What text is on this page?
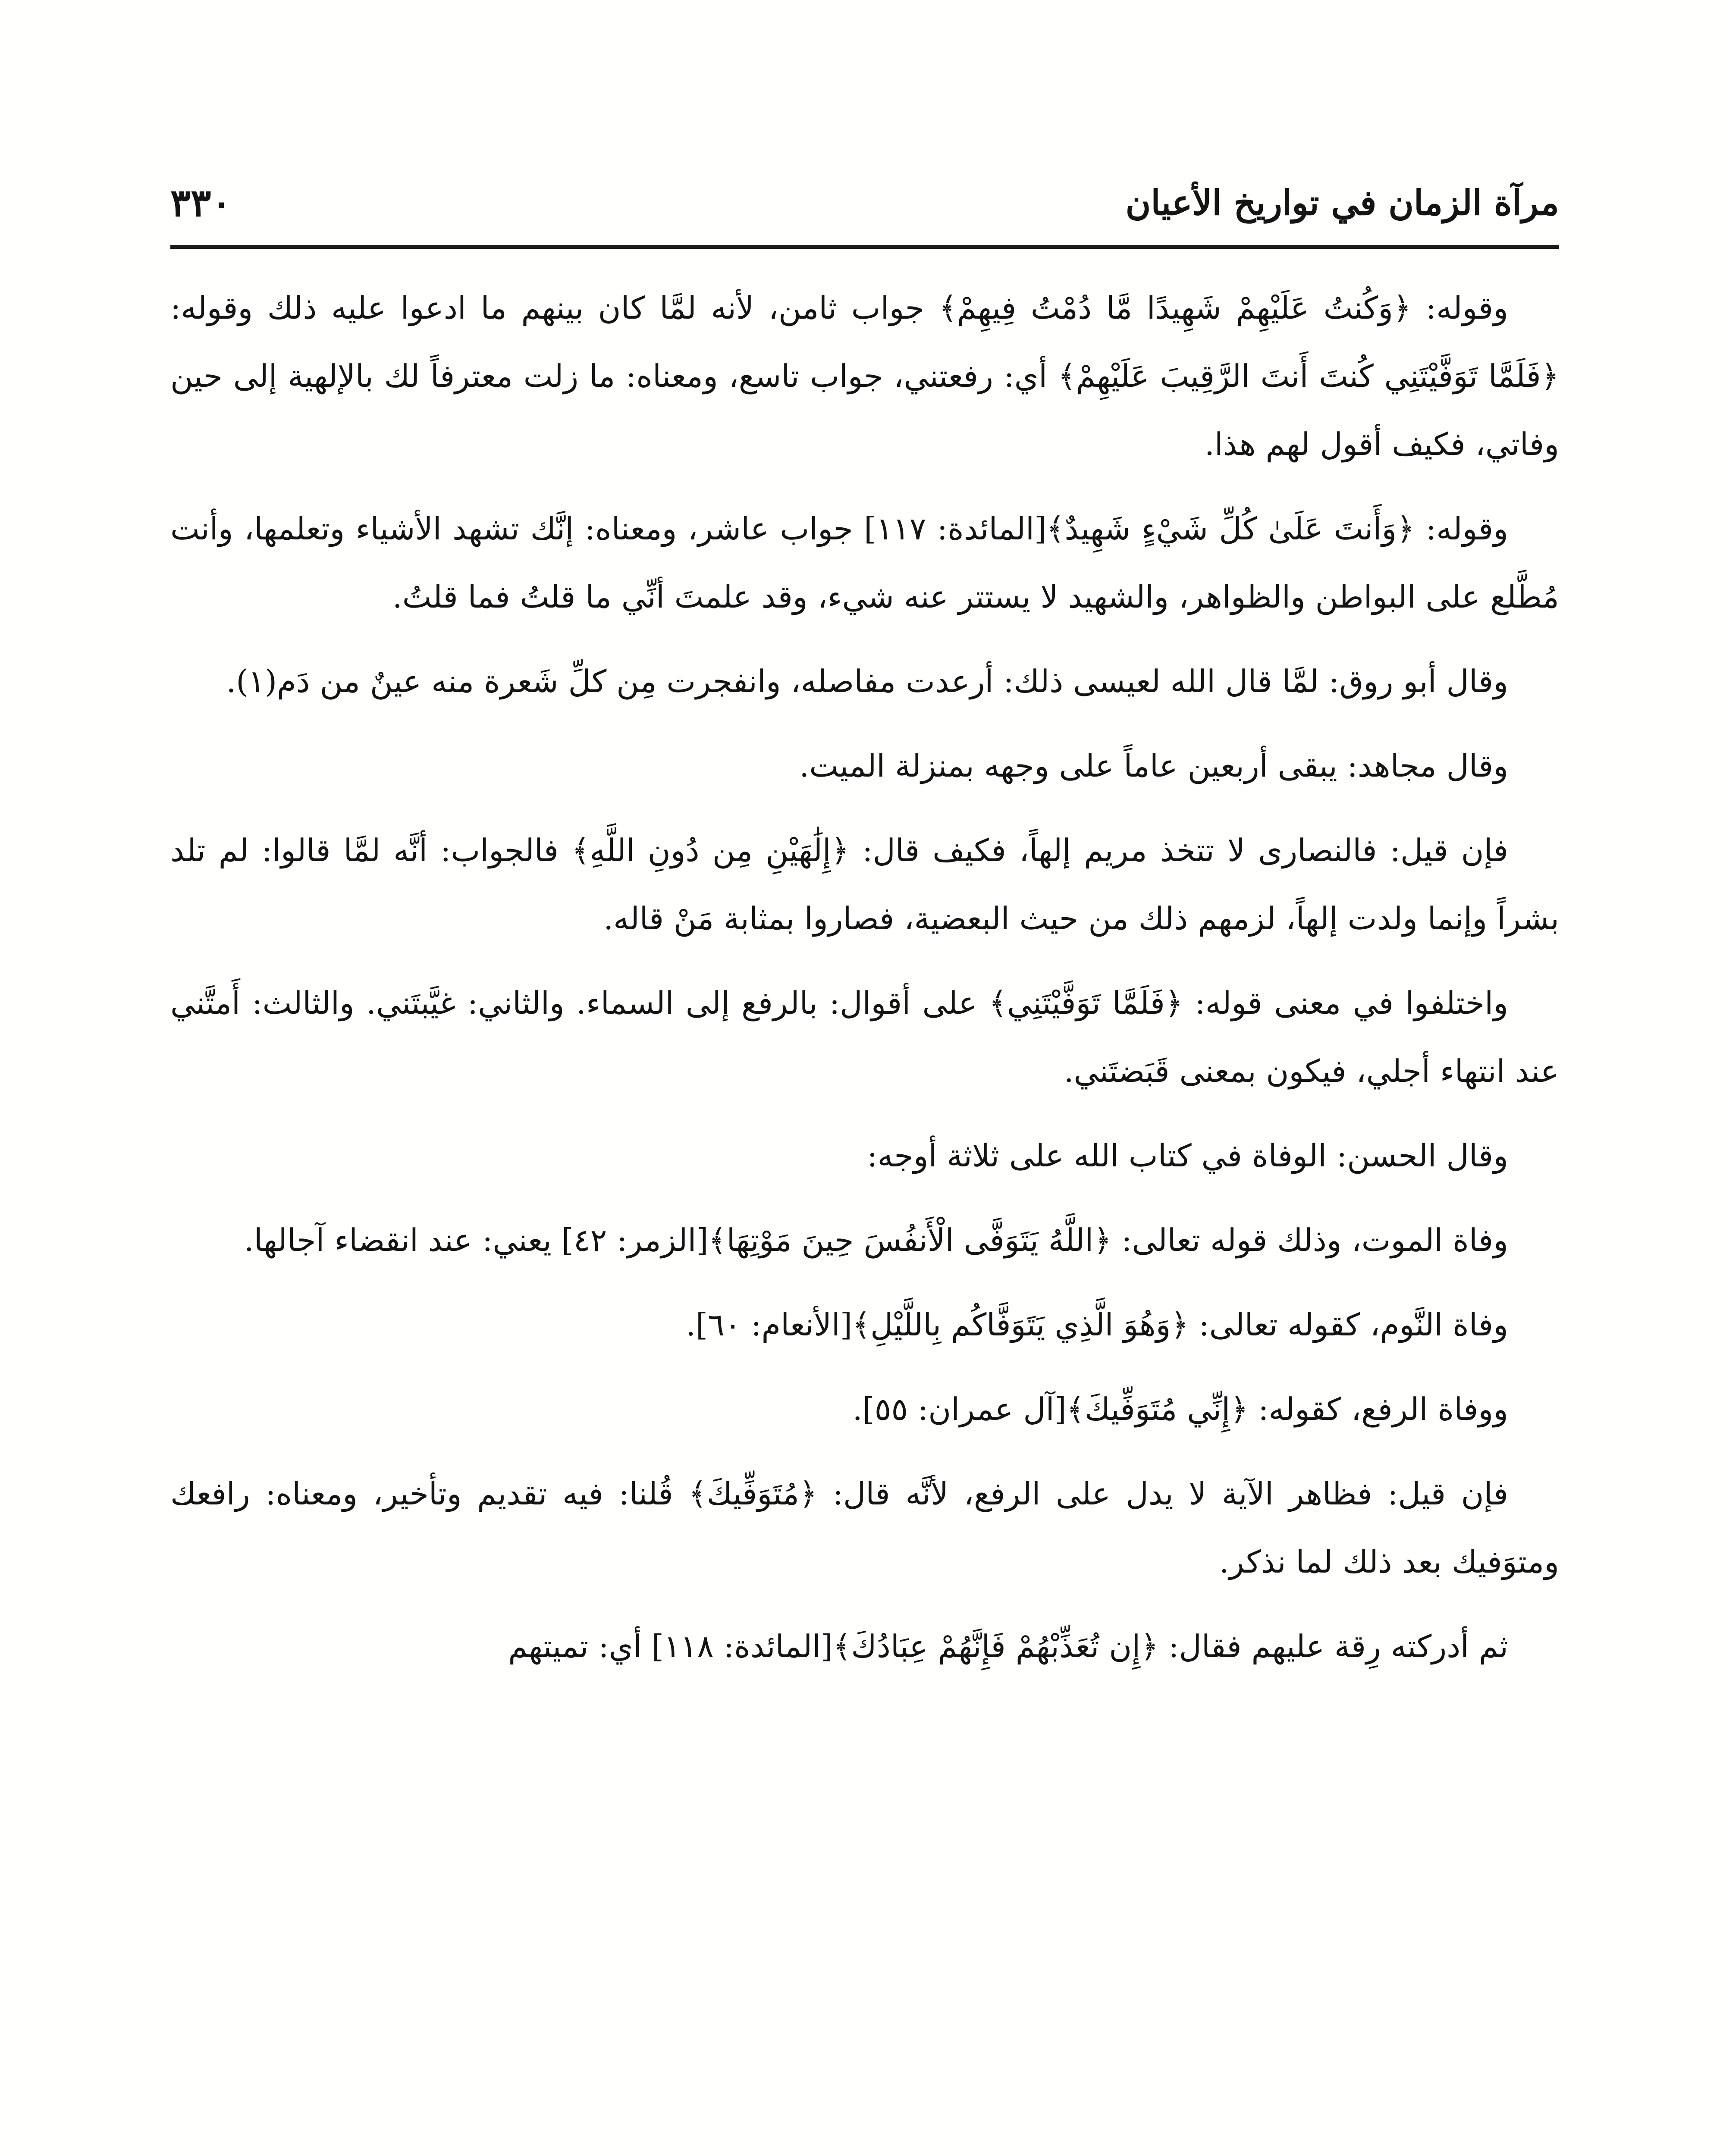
٣٣٠	مرآة الزمان في تواريخ الأعيان

وقوله: ﴿وَكُنتُ عَلَيْهِمْ شَهِيدًا مَّا دُمْتُ فِيهِمْ﴾ جواب ثامن، لأنه لمَّا كان بينهم ما ادعوا عليه ذلك وقوله: ﴿فَلَمَّا تَوَفَّيْتَنِي كُنتَ أَنتَ الرَّقِيبَ عَلَيْهِمْ﴾ أي: رفعتني، جواب تاسع، ومعناه: ما زلت معترفاً لك بالإلهية إلى حين وفاتي، فكيف أقول لهم هذا.

وقوله: ﴿وَأَنتَ عَلَىٰ كُلِّ شَيْءٍ شَهِيدٌ﴾[المائدة: ١١٧] جواب عاشر، ومعناه: إنَّك تشهد الأشياء وتعلمها، وأنت مُطَّلع على البواطن والظواهر، والشهيد لا يستتر عنه شيء، وقد علمتَ أنِّي ما قلتُ فما قلتُ.

وقال أبو روق: لمَّا قال الله لعيسى ذلك: أرعدت مفاصله، وانفجرت مِن كلِّ شَعرة منه عينٌ من دَم(١).

وقال مجاهد: يبقى أربعين عاماً على وجهه بمنزلة الميت.

فإن قيل: فالنصارى لا تتخذ مريم إلهاً، فكيف قال: ﴿إِلَٰهَيْنِ مِن دُونِ اللَّهِ﴾ فالجواب: أنَّه لمَّا قالوا: لم تلد بشراً وإنما ولدت إلهاً، لزمهم ذلك من حيث البعضية، فصاروا بمثابة مَنْ قاله.

واختلفوا في معنى قوله: ﴿فَلَمَّا تَوَفَّيْتَنِي﴾ على أقوال: بالرفع إلى السماء. والثاني: غيَّبتَني. والثالث: أَمتَّني عند انتهاء أجلي، فيكون بمعنى قَبَضتَني.

وقال الحسن: الوفاة في كتاب الله على ثلاثة أوجه:

وفاة الموت، وذلك قوله تعالى: ﴿اللَّهُ يَتَوَفَّى الْأَنفُسَ حِينَ مَوْتِهَا﴾[الزمر: ٤٢] يعني: عند انقضاء آجالها.

وفاة النَّوم، كقوله تعالى: ﴿وَهُوَ الَّذِي يَتَوَفَّاكُم بِاللَّيْلِ﴾[الأنعام: ٦٠].

ووفاة الرفع، كقوله: ﴿إِنِّي مُتَوَفِّيكَ﴾[آل عمران: ٥٥].

فإن قيل: فظاهر الآية لا يدل على الرفع، لأنَّه قال: ﴿مُتَوَفِّيكَ﴾ قُلنا: فيه تقديم وتأخير، ومعناه: رافعك ومتوَفيك بعد ذلك لما نذكر.

ثم أدركته رِقة عليهم فقال: ﴿إِن تُعَذِّبْهُمْ فَإِنَّهُمْ عِبَادُكَ﴾[المائدة: ١١٨] أي: تميتهم
